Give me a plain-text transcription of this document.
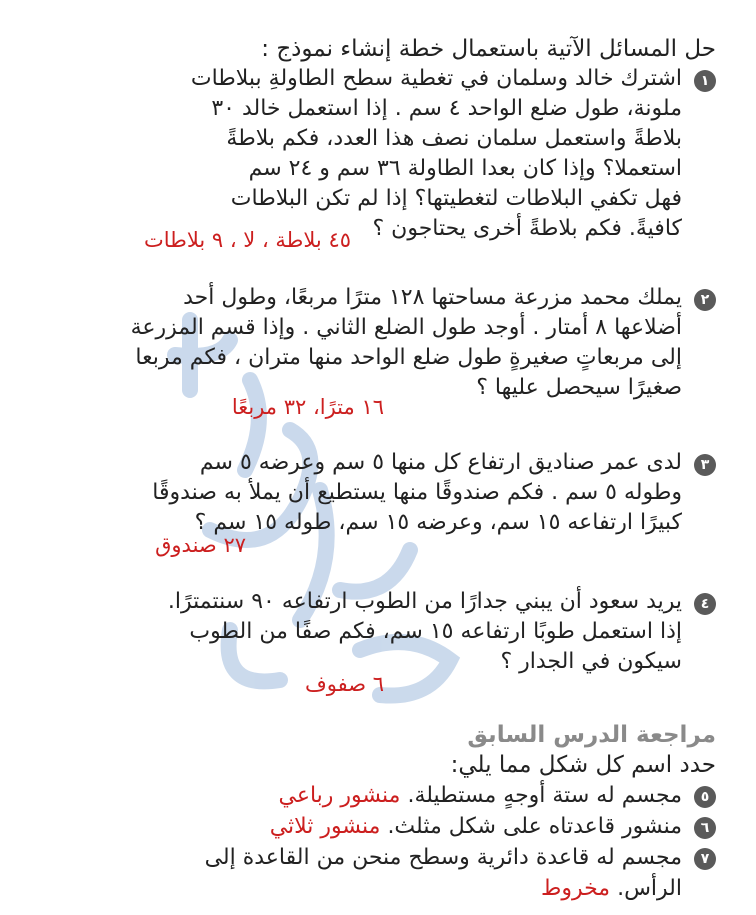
حل المسائل الآتية باستعمال خطة إنشاء نموذج :
١
اشترك خالد وسلمان في تغطية سطح الطاولةِ ببلاطات
ملونة، طول ضلع الواحد ٤ سم . إذا استعمل خالد ٣٠
بلاطةً واستعمل سلمان نصف هذا العدد، فكم بلاطةً
استعملا؟ وإذا كان بعدا الطاولة ٣٦ سم و ٢٤ سم
فهل تكفي البلاطات لتغطيتها؟ إذا لم تكن البلاطات
كافيةً. فكم بلاطةً أخرى يحتاجون ؟
٤٥ بلاطة ، لا ، ٩ بلاطات
٢
يملك محمد مزرعة مساحتها ١٢٨ مترًا مربعًا، وطول أحد
أضلاعها ٨ أمتار . أوجد طول الضلع الثاني . وإذا قسم المزرعة
إلى مربعاتٍ صغيرةٍ طول ضلع الواحد منها متران ، فكم مربعا
صغيرًا سيحصل عليها ؟
١٦ مترًا، ٣٢ مربعًا
٣
لدى عمر صناديق ارتفاع كل منها ٥ سم وعرضه ٥ سم
وطوله ٥ سم . فكم صندوقًا منها يستطيع أن يملأ به صندوقًا
كبيرًا ارتفاعه ١٥ سم، وعرضه ١٥ سم، طوله ١٥ سم ؟
٢٧ صندوق
٤
يريد سعود أن يبني جدارًا من الطوب ارتفاعه ٩٠ سنتمترًا.
إذا استعمل طوبًا ارتفاعه ١٥ سم، فكم صفًا من الطوب
سيكون في الجدار ؟
٦ صفوف
مراجعة الدرس السابق
حدد اسم كل شكل مما يلي:
٥
مجسم له ستة أوجهٍ مستطيلة. منشور رباعي
٦
منشور قاعدتاه على شكل مثلث. منشور ثلاثي
٧
مجسم له قاعدة دائرية وسطح منحن من القاعدة إلى
الرأس. مخروط
